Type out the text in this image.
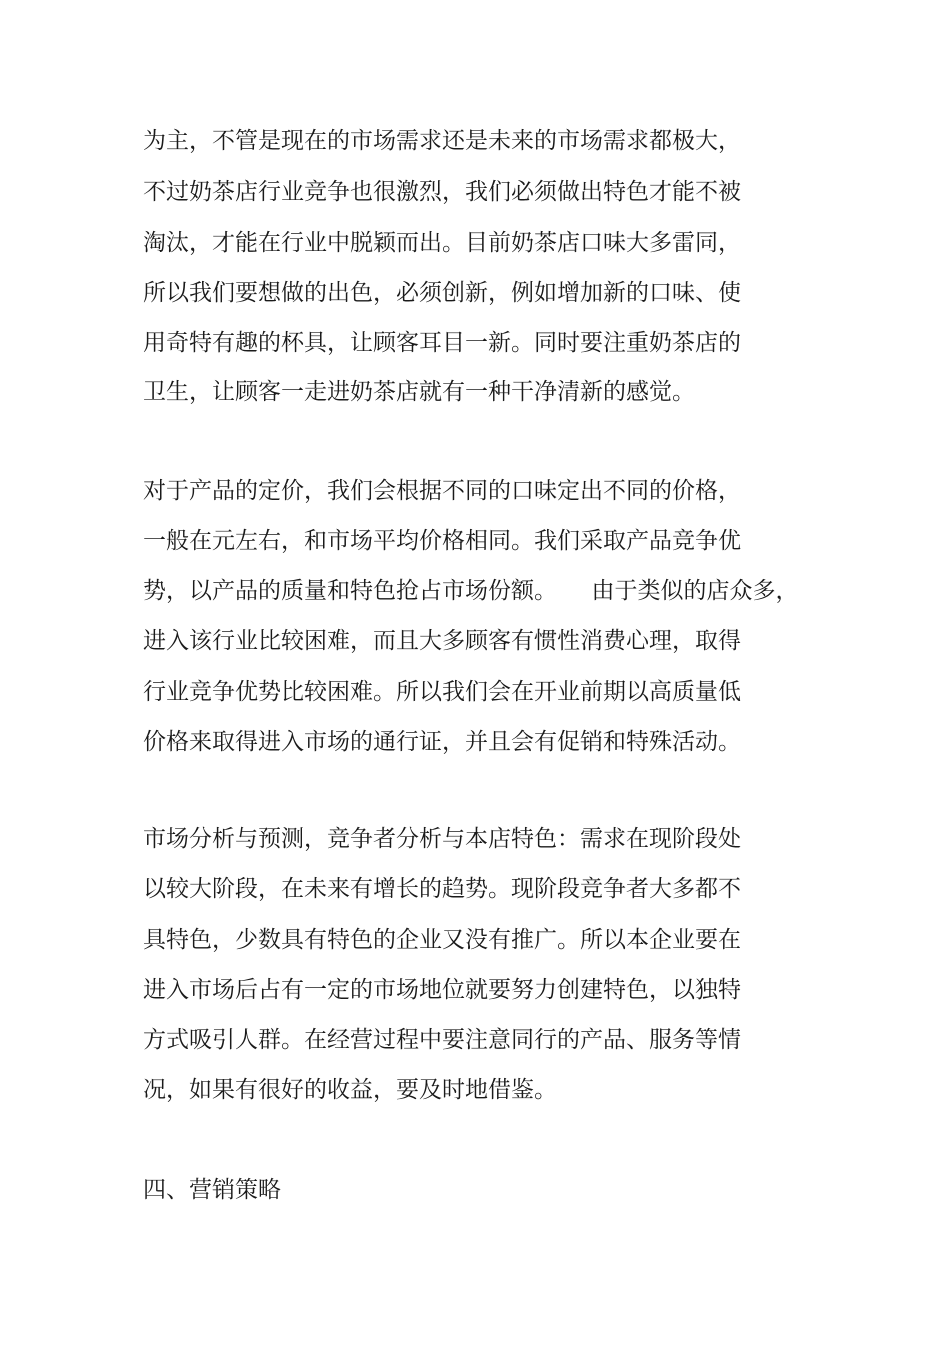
为主，不管是现在的市场需求还是未来的市场需求都极大，
不过奶茶店行业竞争也很激烈，我们必须做出特色才能不被
淘汰，才能在行业中脱颖而出。目前奶茶店口味大多雷同，
所以我们要想做的出色，必须创新，例如增加新的口味、使
用奇特有趣的杯具，让顾客耳目一新。同时要注重奶茶店的
卫生，让顾客一走进奶茶店就有一种干净清新的感觉。
对于产品的定价，我们会根据不同的口味定出不同的价格，
一般在元左右，和市场平均价格相同。我们采取产品竞争优
势，以产品的质量和特色抢占市场份额。　　由于类似的店众多，
进入该行业比较困难，而且大多顾客有惯性消费心理，取得
行业竞争优势比较困难。所以我们会在开业前期以高质量低
价格来取得进入市场的通行证，并且会有促销和特殊活动。
市场分析与预测，竞争者分析与本店特色：需求在现阶段处
以较大阶段，在未来有增长的趋势。现阶段竞争者大多都不
具特色，少数具有特色的企业又没有推广。所以本企业要在
进入市场后占有一定的市场地位就要努力创建特色，以独特
方式吸引人群。在经营过程中要注意同行的产品、服务等情
况，如果有很好的收益，要及时地借鉴。
四、营销策略
